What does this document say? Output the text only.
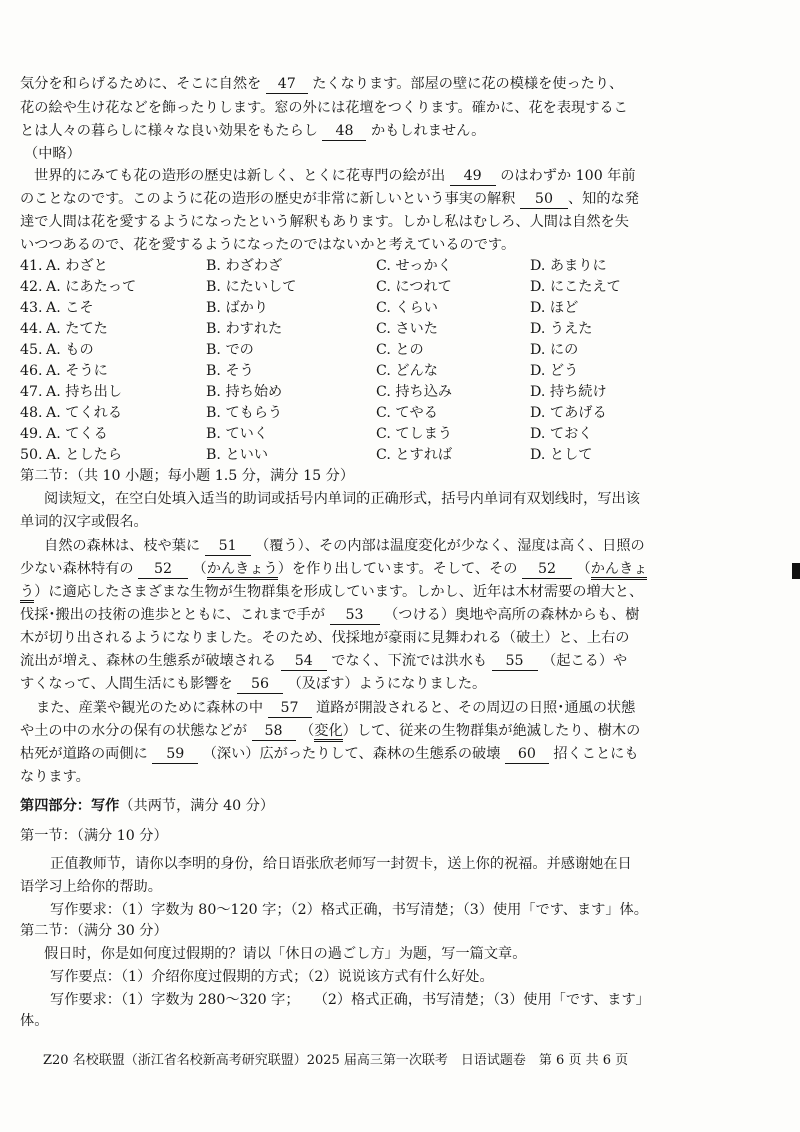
気分を和らげるために、そこに自然を 47 たくなります。部屋の壁に花の模様を使ったり、
花の絵や生け花などを飾ったりします。窓の外には花壇をつくります。確かに、花を表現するこ
とは人々の暮らしに様々な良い効果をもたらし 48 かもしれません。
（中略）
世界的にみても花の造形の歴史は新しく、とくに花専門の絵が出 49 のはわずか 100 年前
のことなのです。このように花の造形の歴史が非常に新しいという事実の解釈 50 、知的な発
達で人間は花を愛するようになったという解釈もあります。しかし私はむしろ、人間は自然を失
いつつあるので、花を愛するようになったのではないかと考えているのです。
41. A. わざと	B. わざわざ	C. せっかく	D. あまりに
42. A. にあたって	B. にたいして	C. につれて	D. にこたえて
43. A. こそ	B. ばかり	C. くらい	D. ほど
44. A. たてた	B. わすれた	C. さいた	D. うえた
45. A. もの	B. での	C. との	D. にの
46. A. そうに	B. そう	C. どんな	D. どう
47. A. 持ち出し	B. 持ち始め	C. 持ち込み	D. 持ち続け
48. A. てくれる	B. てもらう	C. てやる	D. てあげる
49. A. てくる	B. ていく	C. てしまう	D. ておく
50. A. としたら	B. といい	C. とすれば	D. として
第二节：（共 10 小题；每小题 1.5 分，满分 15 分）
阅读短文，在空白处填入适当的助词或括号内单词的正确形式，括号内单词有双划线时，写出该
单词的汉字或假名。
自然の森林は、枝や葉に 51 （覆う）、その内部は温度変化が少なく、湿度は高く、日照の
少ない森林特有の 52 （かんきょう）を作り出しています。そして、その 52 （かんきょ
う）に適応したさまざまな生物が生物群集を形成しています。しかし、近年は木材需要の増大と、
伐採･搬出の技術の進歩とともに、これまで手が 53 （つける）奥地や高所の森林からも、樹
木が切り出されるようになりました。そのため、伐採地が豪雨に見舞われる（破土）と、上右の
流出が増え、森林の生態系が破壊される 54 でなく、下流では洪水も 55 （起こる）や
すくなって、人間生活にも影響を 56 （及ぼす）ようになりました。
また、産業や観光のために森林の中 57 道路が開設されると、その周辺の日照･通風の状態
や土の中の水分の保有の状態などが 58 （変化）して、従来の生物群集が絶滅したり、樹木の
枯死が道路の両側に 59 （深い）広がったりして、森林の生態系の破壊 60 招くことにも
なります。
第四部分：写作（共两节，满分 40 分）
第一节：（满分 10 分）
正值教师节，请你以李明的身份，给日语张欣老师写一封贺卡，送上你的祝福。并感谢她在日
语学习上给你的帮助。
写作要求：（1）字数为 80～120 字；（2）格式正确，书写清楚；（3）使用「です、ます」体。
第二节：（满分 30 分）
假日时，你是如何度过假期的？请以「休日の過ごし方」为题，写一篇文章。
写作要点：（1）介绍你度过假期的方式；（2）说说该方式有什么好处。
写作要求：（1）字数为 280～320 字；　　（2）格式正确，书写清楚；（3）使用「です、ます」
体。
Z20 名校联盟（浙江省名校新高考研究联盟）2025 届高三第一次联考　日语试题卷　第 6 页 共 6 页
